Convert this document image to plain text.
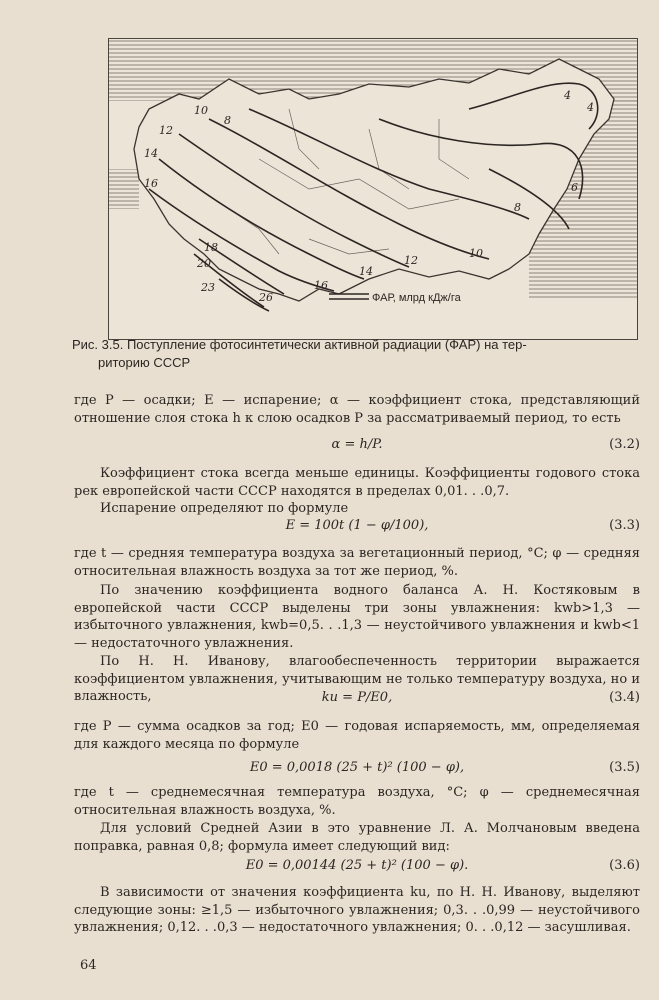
4
4
6
8
8
10
12
14
16
16
18
20
23
26
12
14
10
ФАР, млрд кДж/га
Рис. 3.5. Поступление фотосинтетически активной радиации (ФАР) на тер-
риторию СССР

где P — осадки; E — испарение; α — коэффициент стока, представляющий отношение слоя стока h к слою осадков P за рассматриваемый период, то есть

α = h/P.	(3.2)

Коэффициент стока всегда меньше единицы. Коэффициенты годового стока рек европейской части СССР находятся в пределах 0,01. . .0,7.

Испарение определяют по формуле

E = 100t (1 − φ/100),	(3.3)

где t — средняя температура воздуха за вегетационный период, °С; φ — средняя относительная влажность воздуха за тот же период, %.

По значению коэффициента водного баланса А. Н. Костяковым в европейской части СССР выделены три зоны увлажнения: kwb>1,3 — избыточного увлажнения, kwb=0,5. . .1,3 — неустойчивого увлажнения и kwb<1 — недостаточного увлажнения.

По Н. Н. Иванову, влагообеспеченность территории выражается коэффициентом увлажнения, учитывающим не только температуру воздуха, но и влажность,	ku = P/E0,	(3.4)

где P — сумма осадков за год; E0 — годовая испаряемость, мм, определяемая для каждого месяца по формуле

E0 = 0,0018 (25 + t)² (100 − φ),	(3.5)

где t — среднемесячная температура воздуха, °С; φ — среднемесячная относительная влажность воздуха, %.

Для условий Средней Азии в это уравнение Л. А. Молчановым введена поправка, равная 0,8; формула имеет следующий вид:

E0 = 0,00144 (25 + t)² (100 − φ).	(3.6)

В зависимости от значения коэффициента ku, по Н. Н. Иванову, выделяют следующие зоны: ≥1,5 — избыточного увлажнения; 0,3. . .0,99 — неустойчивого увлажнения; 0,12. . .0,3 — недостаточного увлажнения; 0. . .0,12 — засушливая.

64
